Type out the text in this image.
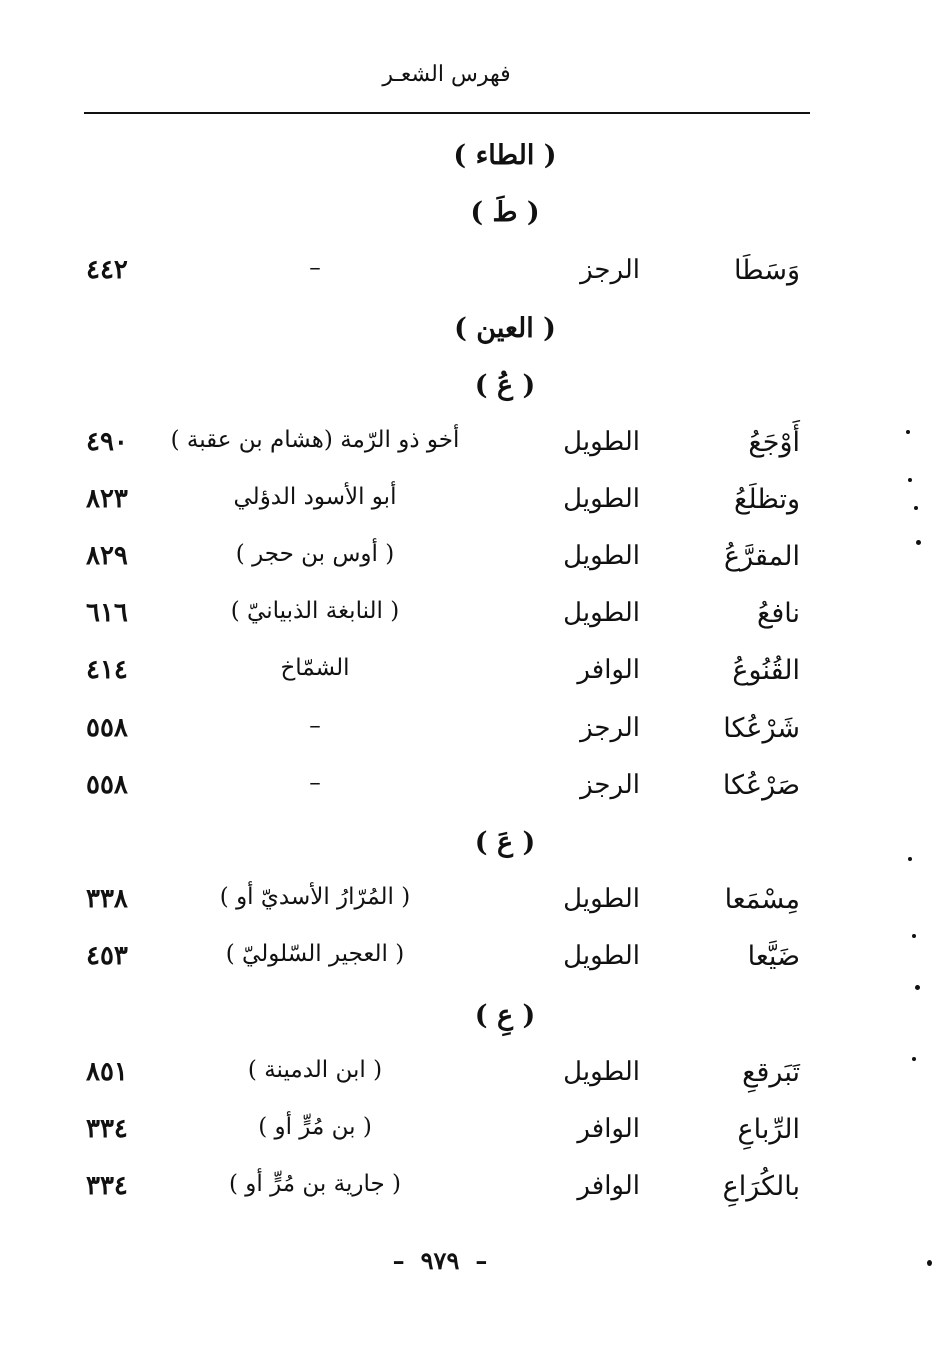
فهرس الشعـر
( الطاء )
( طَ )
وَسَطَا
الرجز
–
٤٤٢
( العين )
( عُ )
أَوْجَعُ
الطويل
أخو ذو الرّمة (هشام بن عقبة )
٤٩٠
وتظلَعُ
الطويل
أبو الأسود الدؤلي
٨٢٣
المقرَّعُ
الطويل
( أوس بن حجر )
٨٢٩
نافعُ
الطويل
( النابغة الذبيانيّ )
٦١٦
القُنُوعُ
الوافر
الشمّاخ
٤١٤
شَرْعُكا
الرجز
–
٥٥٨
صَرْعُكا
الرجز
–
٥٥٨
( عَ )
مِسْمَعا
الطويل
( المُرّارُ الأسديّ أو )
٣٣٨
ضَيَّعا
الطويل
( العجير السّلوليّ )
٤٥٣
( عِ )
تَبَرقعِ
الطويل
( ابن الدمينة )
٨٥١
الرِّباعِ
الوافر
( بن مُرٍّ أو )
٣٣٤
بالكُرَاعِ
الوافر
( جارية بن مُرٍّ أو )
٣٣٤
– ٩٧٩ –
